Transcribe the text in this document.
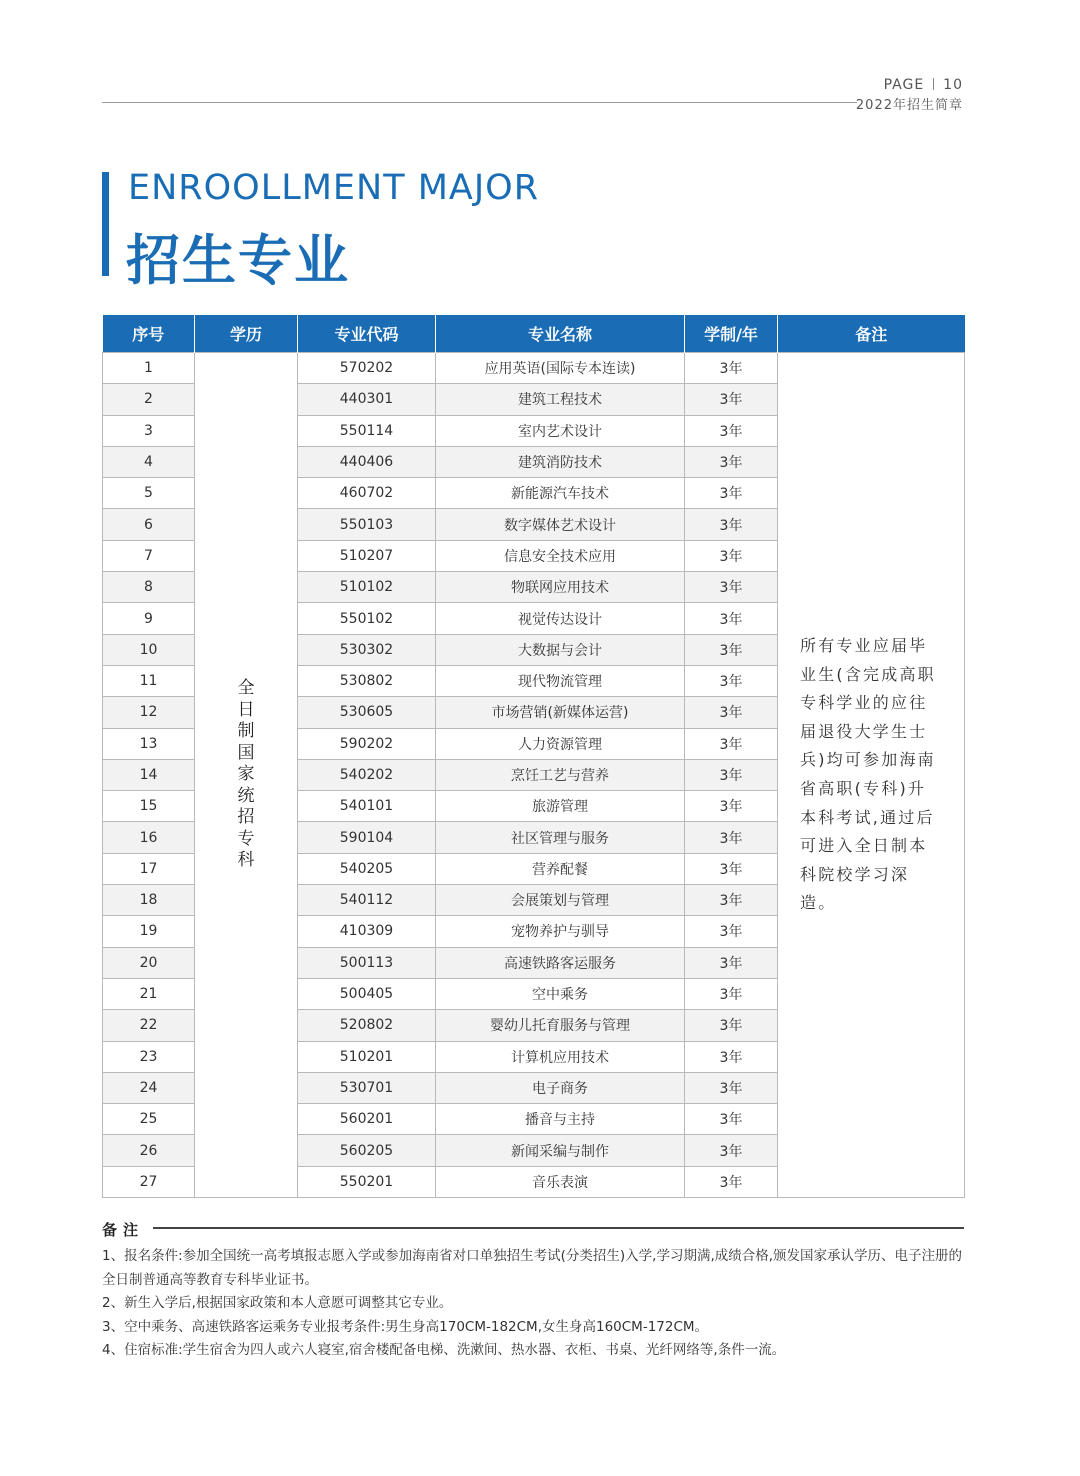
PAGE 10
2022年招生简章
ENROOLLMENT MAJOR
招生专业
序号	学历	专业代码	专业名称	学制/年	备注
1	全日制国家统招专科	570202	应用英语(国际专本连读)	3年	所有专业应届毕业生(含完成高职专科学业的应往届退役大学生士兵)均可参加海南省高职(专科)升本科考试,通过后可进入全日制本科院校学习深造。
2		440301	建筑工程技术	3年	
3		550114	室内艺术设计	3年	
4		440406	建筑消防技术	3年	
5		460702	新能源汽车技术	3年	
6		550103	数字媒体艺术设计	3年	
7		510207	信息安全技术应用	3年	
8		510102	物联网应用技术	3年	
9		550102	视觉传达设计	3年	
10		530302	大数据与会计	3年	
11		530802	现代物流管理	3年	
12		530605	市场营销(新媒体运营)	3年	
13		590202	人力资源管理	3年	
14		540202	烹饪工艺与营养	3年	
15		540101	旅游管理	3年	
16		590104	社区管理与服务	3年	
17		540205	营养配餐	3年	
18		540112	会展策划与管理	3年	
19		410309	宠物养护与驯导	3年	
20		500113	高速铁路客运服务	3年	
21		500405	空中乘务	3年	
22		520802	婴幼儿托育服务与管理	3年	
23		510201	计算机应用技术	3年	
24		530701	电子商务	3年	
25		560201	播音与主持	3年	
26		560205	新闻采编与制作	3年	
27		550201	音乐表演	3年	
备注

1、报名条件:参加全国统一高考填报志愿入学或参加海南省对口单独招生考试(分类招生)入学,学习期满,成绩合格,颁发国家承认学历、电子注册的全日制普通高等教育专科毕业证书。

2、新生入学后,根据国家政策和本人意愿可调整其它专业。

3、空中乘务、高速铁路客运乘务专业报考条件:男生身高170CM-182CM,女生身高160CM-172CM。

4、住宿标准:学生宿舍为四人或六人寝室,宿舍楼配备电梯、洗漱间、热水器、衣柜、书桌、光纤网络等,条件一流。
